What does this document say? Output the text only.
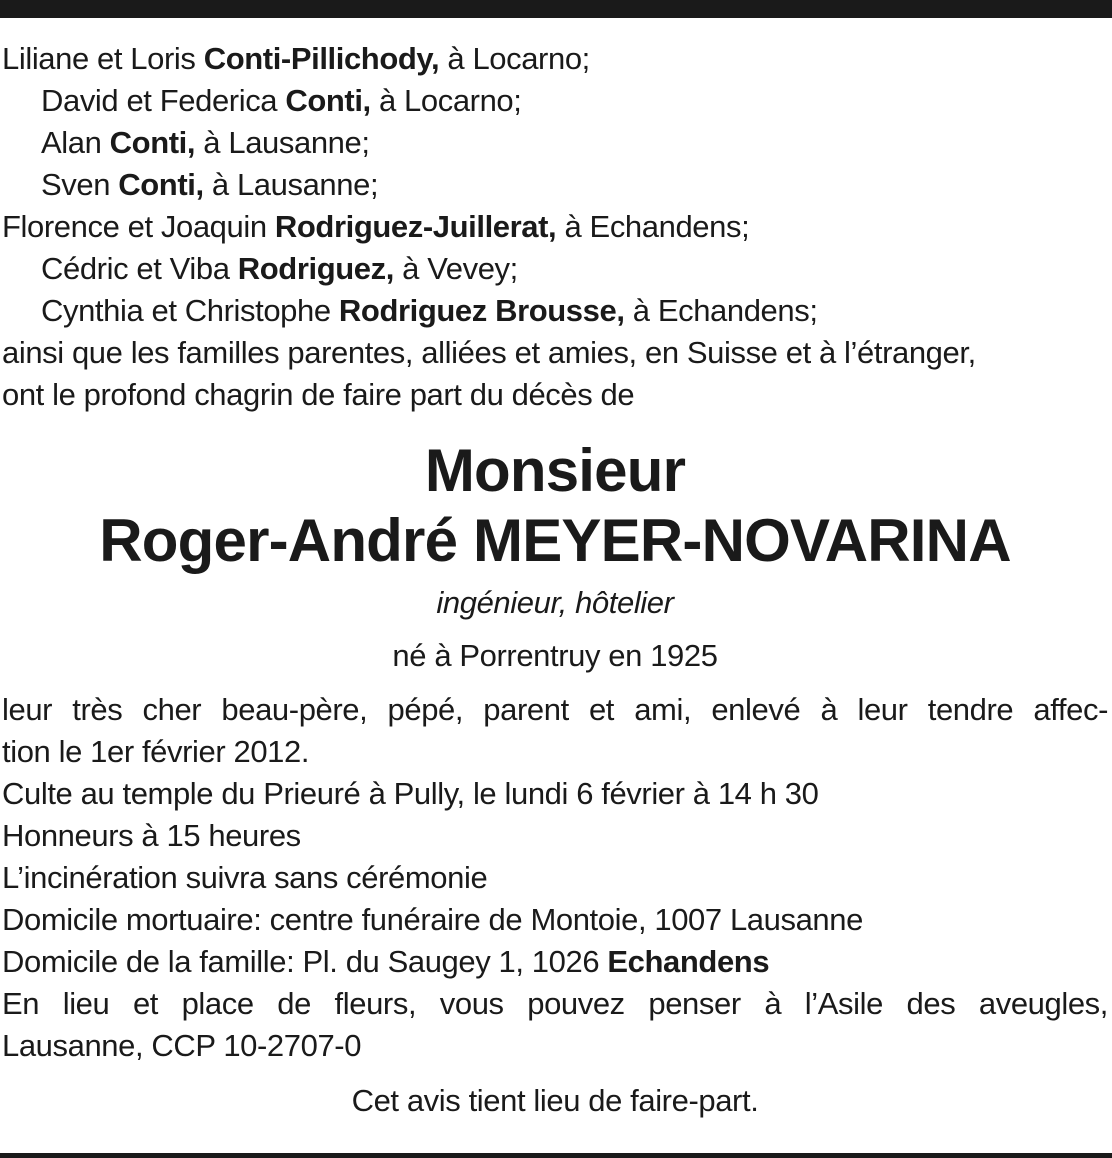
Liliane et Loris Conti-Pillichody, à Locarno;
David et Federica Conti, à Locarno;
Alan Conti, à Lausanne;
Sven Conti, à Lausanne;
Florence et Joaquin Rodriguez-Juillerat, à Echandens;
Cédric et Viba Rodriguez, à Vevey;
Cynthia et Christophe Rodriguez Brousse, à Echandens;
ainsi que les familles parentes, alliées et amies, en Suisse et à l’étranger,
ont le profond chagrin de faire part du décès de
Monsieur
Roger-André MEYER-NOVARINA
ingénieur, hôtelier
né à Porrentruy en 1925
leur très cher beau-père, pépé, parent et ami, enlevé à leur tendre affec-
tion le 1er février 2012.
Culte au temple du Prieuré à Pully, le lundi 6 février à 14 h 30
Honneurs à 15 heures
L’incinération suivra sans cérémonie
Domicile mortuaire: centre funéraire de Montoie, 1007 Lausanne
Domicile de la famille: Pl. du Saugey 1, 1026 Echandens
En lieu et place de fleurs, vous pouvez penser à l’Asile des aveugles,
Lausanne, CCP 10-2707-0
Cet avis tient lieu de faire-part.
